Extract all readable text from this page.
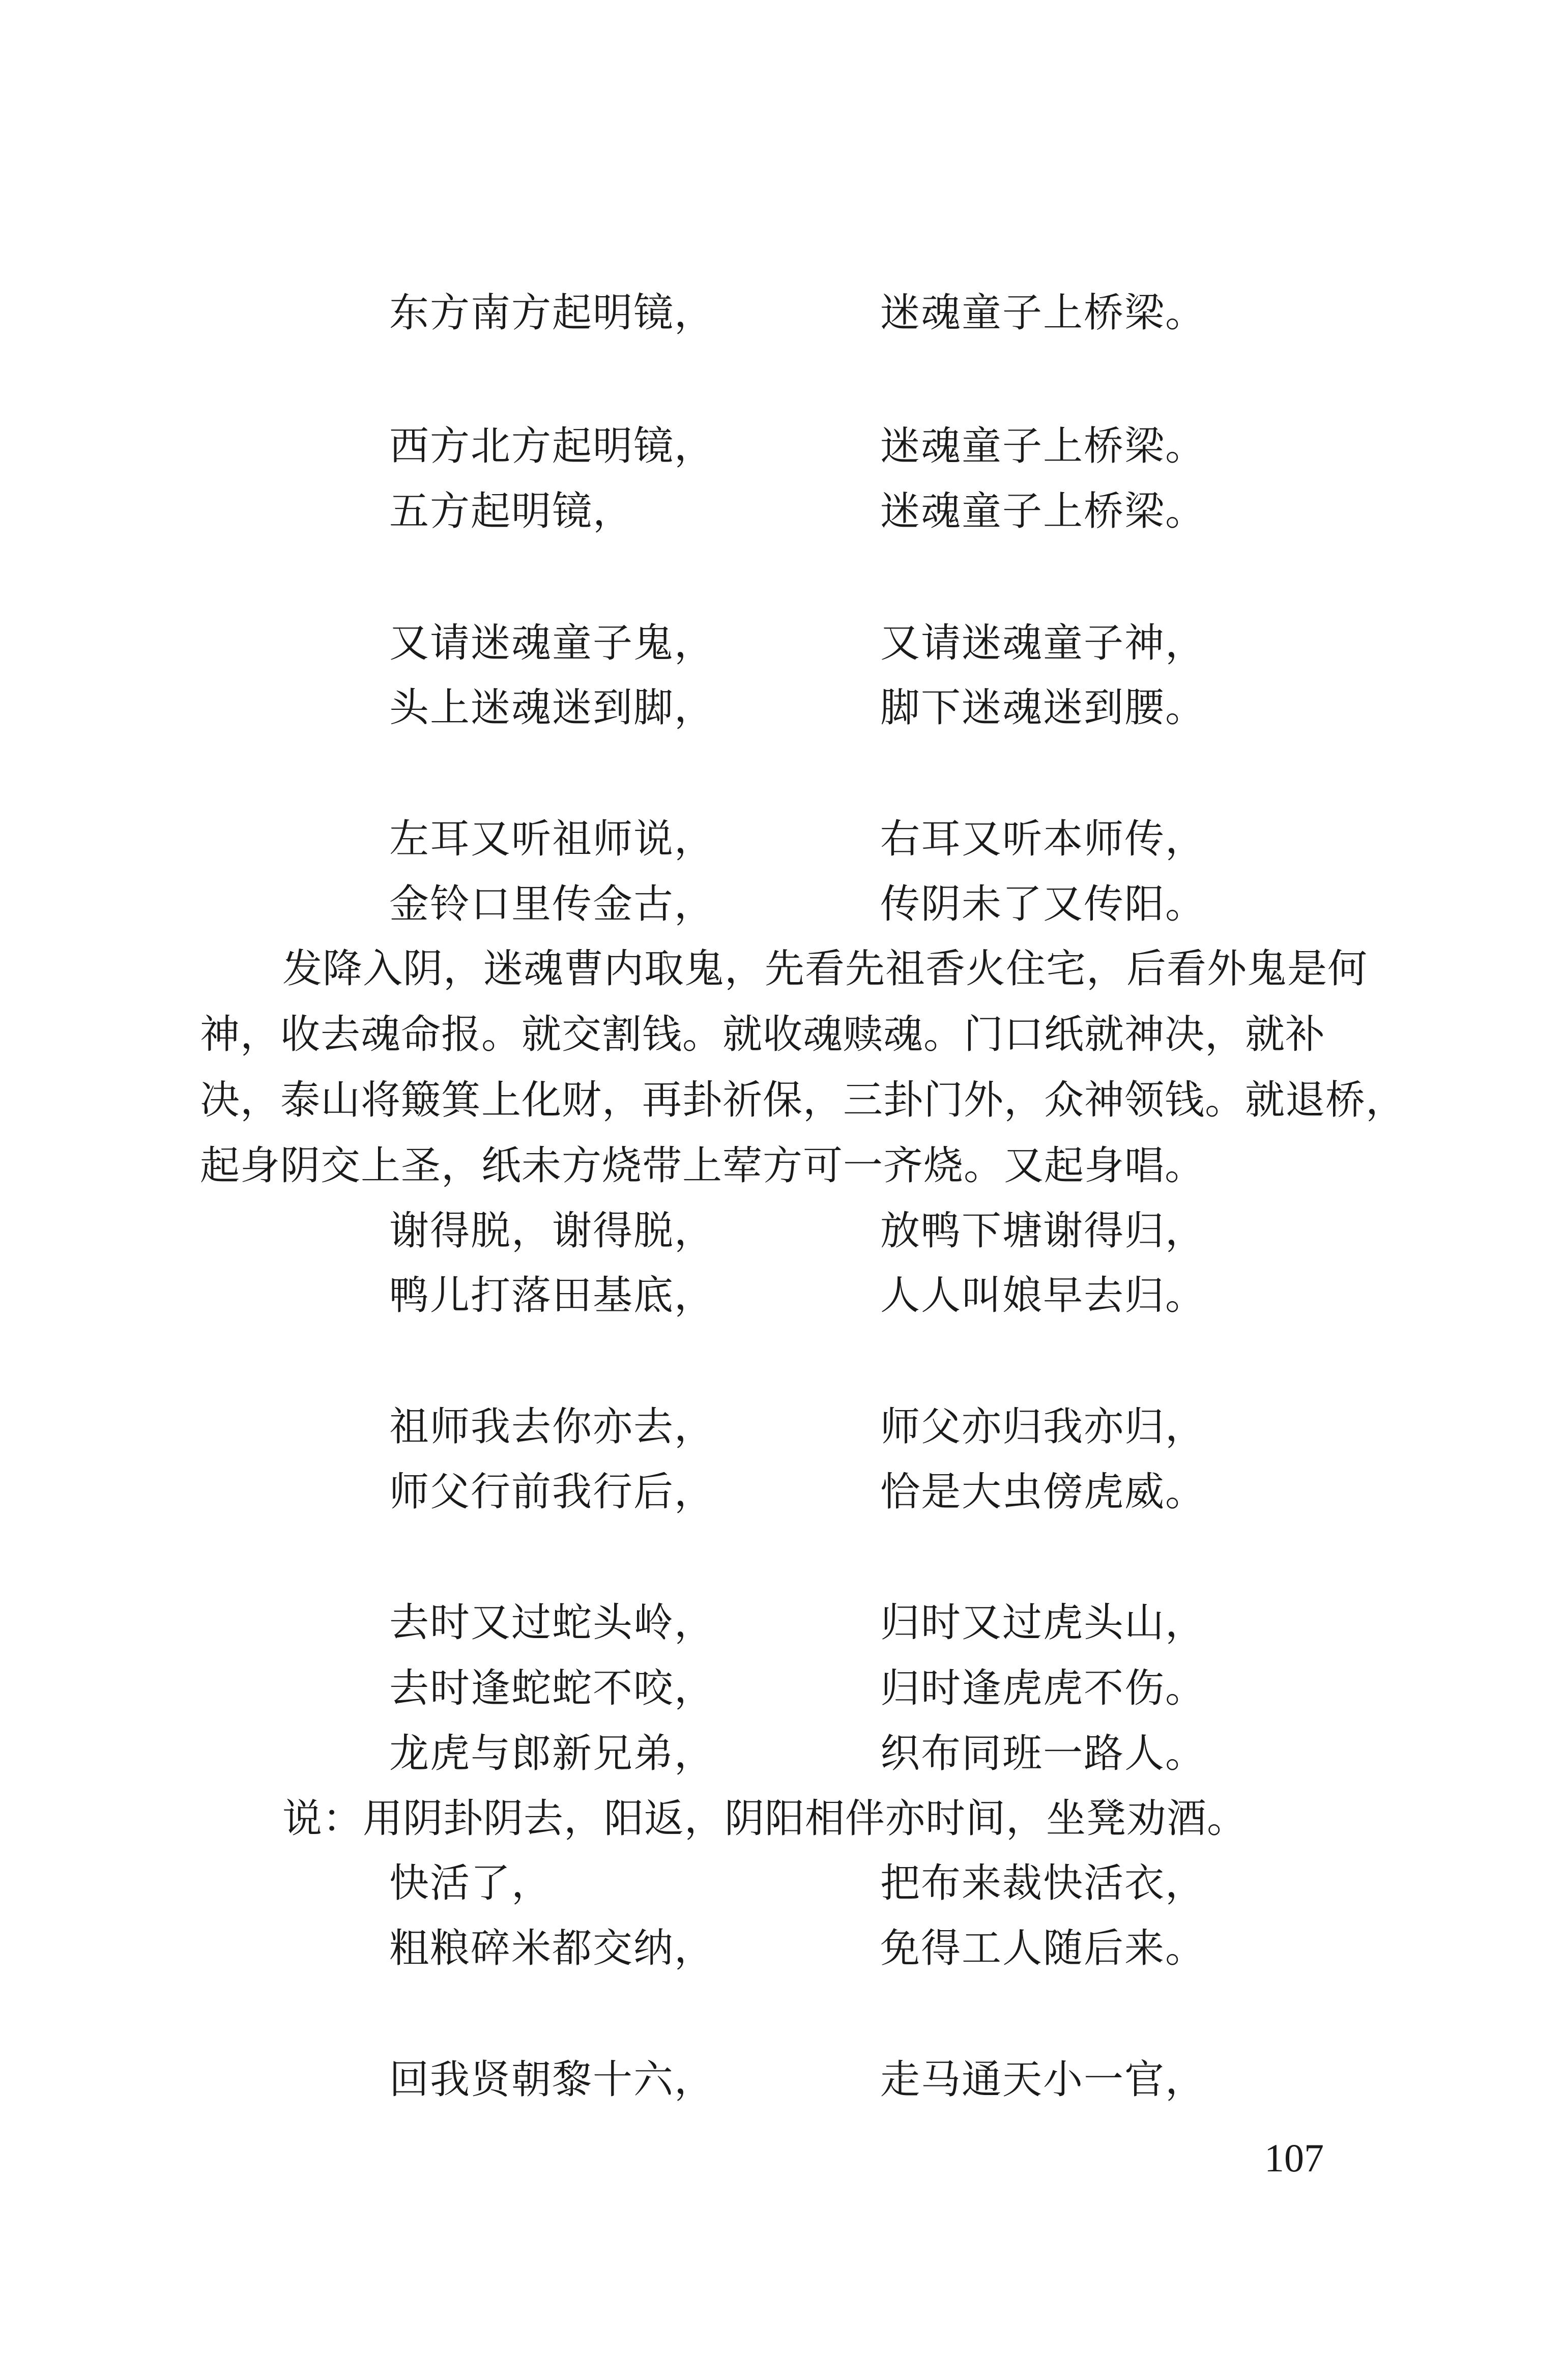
东方南方起明镜，	迷魂童子上桥梁。
西方北方起明镜，	迷魂童子上桥梁。
五方起明镜，	迷魂童子上桥梁。
又请迷魂童子鬼，	又请迷魂童子神，
头上迷魂迷到脚，	脚下迷魂迷到腰。
左耳又听祖师说，	右耳又听本师传，
金铃口里传金古，	传阴未了又传阳。
发降入阴，迷魂曹内取鬼，先看先祖香火住宅，后看外鬼是何
神，收去魂命报。就交割钱。就收魂赎魂。门口纸就神决，就补
决，泰山将簸箕上化财，再卦祈保，三卦门外，众神领钱。就退桥，
起身阴交上圣，纸未方烧带上荤方可一齐烧。又起身唱。
谢得脱，谢得脱，	放鸭下塘谢得归，
鸭儿打落田基底，	人人叫娘早去归。
祖师我去你亦去，	师父亦归我亦归，
师父行前我行后，	恰是大虫傍虎威。
去时又过蛇头岭，	归时又过虎头山，
去时逢蛇蛇不咬，	归时逢虎虎不伤。
龙虎与郎新兄弟，	织布同班一路人。
说：用阴卦阴去，阳返，阴阳相伴亦时间，坐凳劝酒。
快活了，	把布来裁快活衣，
粗粮碎米都交纳，	免得工人随后来。
回我贤朝黎十六，	走马通天小一官，
107
